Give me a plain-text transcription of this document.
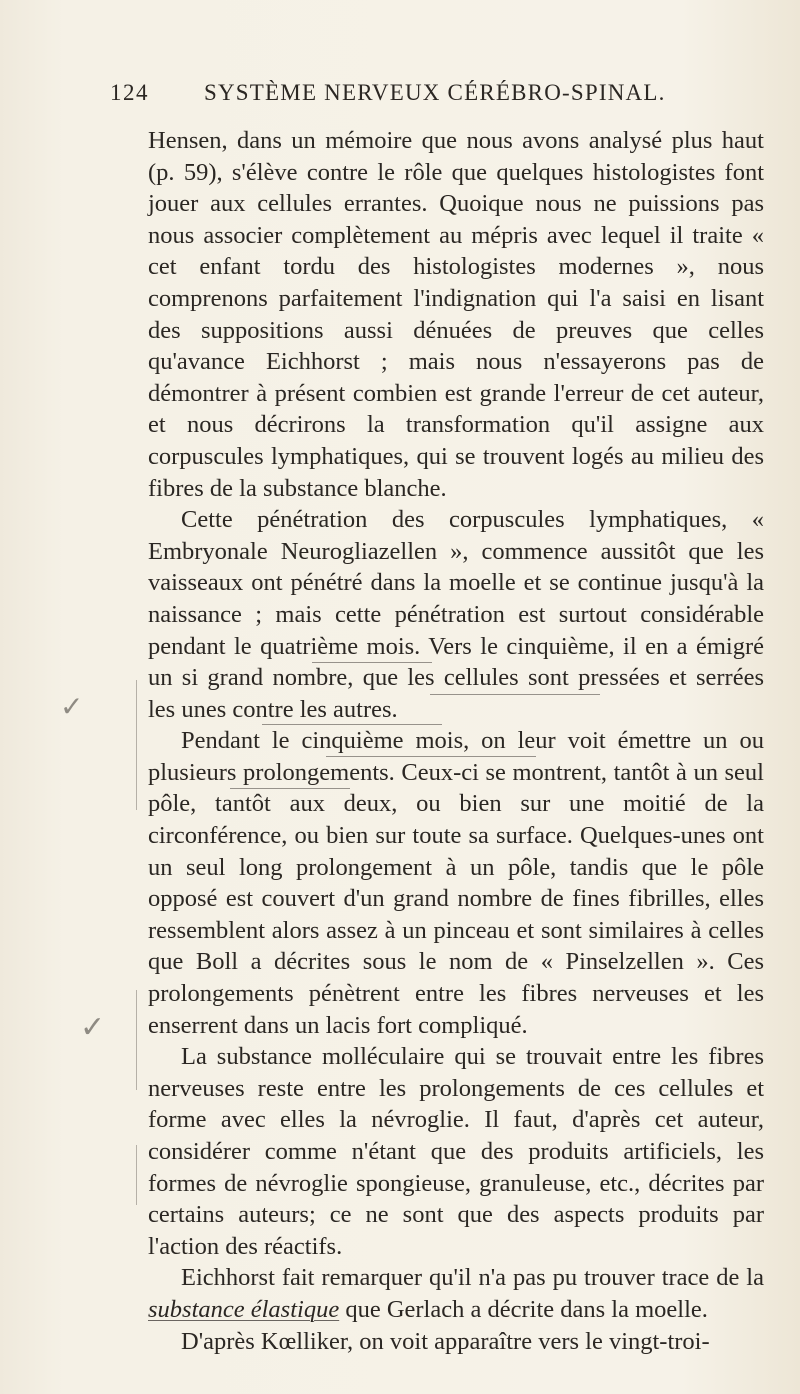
124 SYSTÈME NERVEUX CÉRÉBRO-SPINAL.

Hensen, dans un mémoire que nous avons analysé plus haut (p. 59), s'élève contre le rôle que quelques histologistes font jouer aux cellules errantes. Quoique nous ne puissions pas nous associer complètement au mépris avec lequel il traite « cet enfant tordu des histologistes modernes », nous comprenons parfaitement l'indignation qui l'a saisi en lisant des suppositions aussi dénuées de preuves que celles qu'avance Eichhorst ; mais nous n'essayerons pas de démontrer à présent combien est grande l'erreur de cet auteur, et nous décrirons la transformation qu'il assigne aux corpuscules lymphatiques, qui se trouvent logés au milieu des fibres de la substance blanche.

Cette pénétration des corpuscules lymphatiques, « Embryonale Neurogliazellen », commence aussitôt que les vaisseaux ont pénétré dans la moelle et se continue jusqu'à la naissance ; mais cette pénétration est surtout considérable pendant le quatrième mois. Vers le cinquième, il en a émigré un si grand nombre, que les cellules sont pressées et serrées les unes contre les autres.

Pendant le cinquième mois, on leur voit émettre un ou plusieurs prolongements. Ceux-ci se montrent, tantôt à un seul pôle, tantôt aux deux, ou bien sur une moitié de la circonférence, ou bien sur toute sa surface. Quelques-unes ont un seul long prolongement à un pôle, tandis que le pôle opposé est couvert d'un grand nombre de fines fibrilles, elles ressemblent alors assez à un pinceau et sont similaires à celles que Boll a décrites sous le nom de « Pinselzellen ». Ces prolongements pénètrent entre les fibres nerveuses et les enserrent dans un lacis fort compliqué.

La substance molléculaire qui se trouvait entre les fibres nerveuses reste entre les prolongements de ces cellules et forme avec elles la névroglie. Il faut, d'après cet auteur, considérer comme n'étant que des produits artificiels, les formes de névroglie spongieuse, granuleuse, etc., décrites par certains auteurs; ce ne sont que des aspects produits par l'action des réactifs.

Eichhorst fait remarquer qu'il n'a pas pu trouver trace de la substance élastique que Gerlach a décrite dans la moelle.

D'après Kœlliker, on voit apparaître vers le vingt-troi-

✓
✓
